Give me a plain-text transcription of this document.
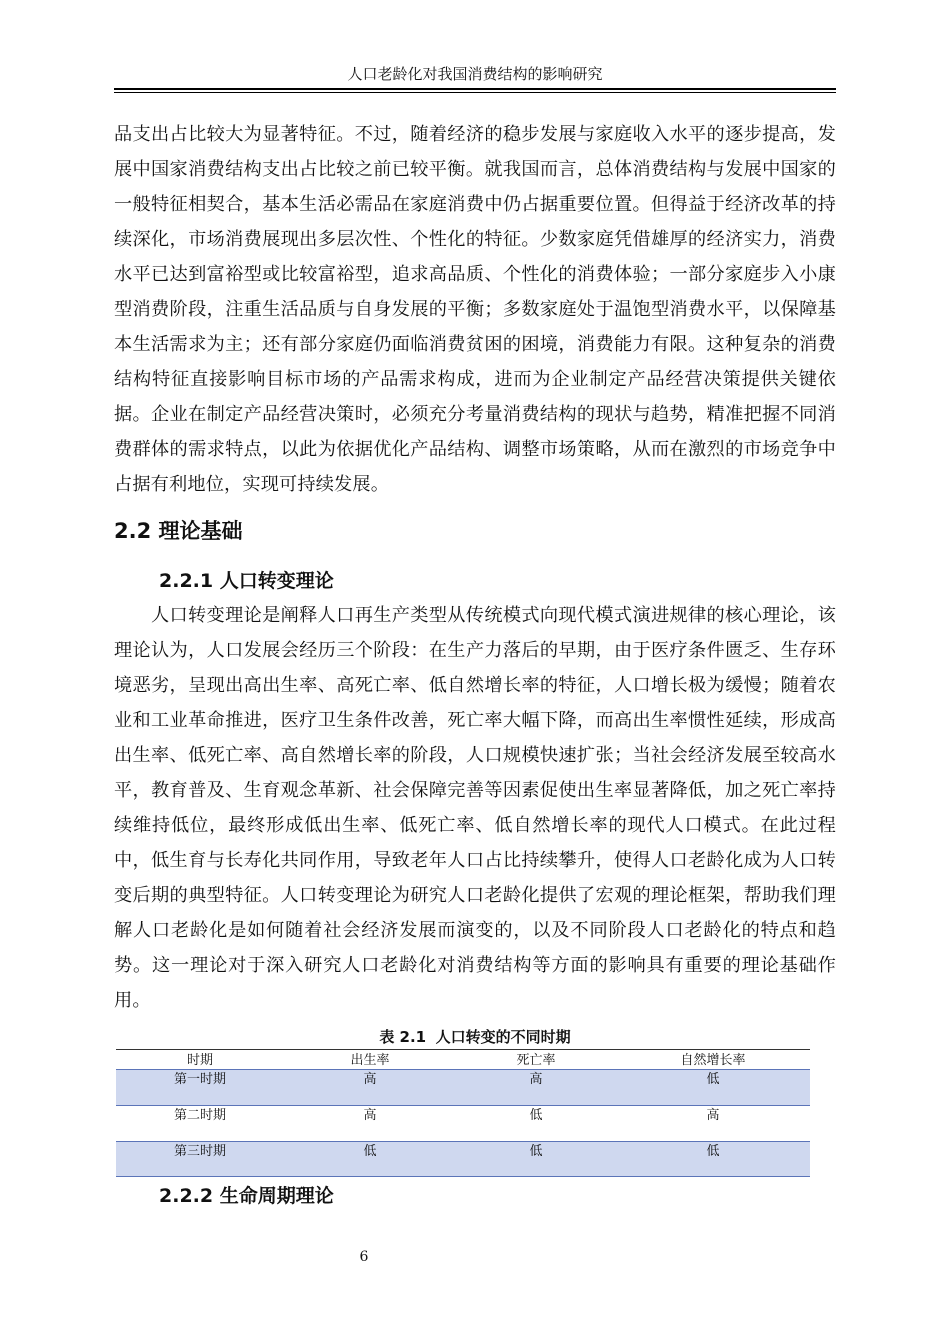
人口老龄化对我国消费结构的影响研究

品支出占比较大为显著特征。不过，随着经济的稳步发展与家庭收入水平的逐步提高，发展中国家消费结构支出占比较之前已较平衡。就我国而言，总体消费结构与发展中国家的一般特征相契合，基本生活必需品在家庭消费中仍占据重要位置。但得益于经济改革的持续深化，市场消费展现出多层次性、个性化的特征。少数家庭凭借雄厚的经济实力，消费水平已达到富裕型或比较富裕型，追求高品质、个性化的消费体验；一部分家庭步入小康型消费阶段，注重生活品质与自身发展的平衡；多数家庭处于温饱型消费水平，以保障基本生活需求为主；还有部分家庭仍面临消费贫困的困境，消费能力有限。这种复杂的消费结构特征直接影响目标市场的产品需求构成，进而为企业制定产品经营决策提供关键依据。企业在制定产品经营决策时，必须充分考量消费结构的现状与趋势，精准把握不同消费群体的需求特点，以此为依据优化产品结构、调整市场策略，从而在激烈的市场竞争中占据有利地位，实现可持续发展。

2.2 理论基础
2.2.1 人口转变理论

人口转变理论是阐释人口再生产类型从传统模式向现代模式演进规律的核心理论，该理论认为，人口发展会经历三个阶段：在生产力落后的早期，由于医疗条件匮乏、生存环境恶劣，呈现出高出生率、高死亡率、低自然增长率的特征，人口增长极为缓慢；随着农业和工业革命推进，医疗卫生条件改善，死亡率大幅下降，而高出生率惯性延续，形成高出生率、低死亡率、高自然增长率的阶段，人口规模快速扩张；当社会经济发展至较高水平，教育普及、生育观念革新、社会保障完善等因素促使出生率显著降低，加之死亡率持续维持低位，最终形成低出生率、低死亡率、低自然增长率的现代人口模式。在此过程中，低生育与长寿化共同作用，导致老年人口占比持续攀升，使得人口老龄化成为人口转变后期的典型特征。人口转变理论为研究人口老龄化提供了宏观的理论框架，帮助我们理解人口老龄化是如何随着社会经济发展而演变的，以及不同阶段人口老龄化的特点和趋势。这一理论对于深入研究人口老龄化对消费结构等方面的影响具有重要的理论基础作用。

表 2.1 人口转变的不同时期
时期	出生率	死亡率	自然增长率
第一时期	高	高	低
第二时期	高	低	高
第三时期	低	低	低
2.2.2 生命周期理论
6
